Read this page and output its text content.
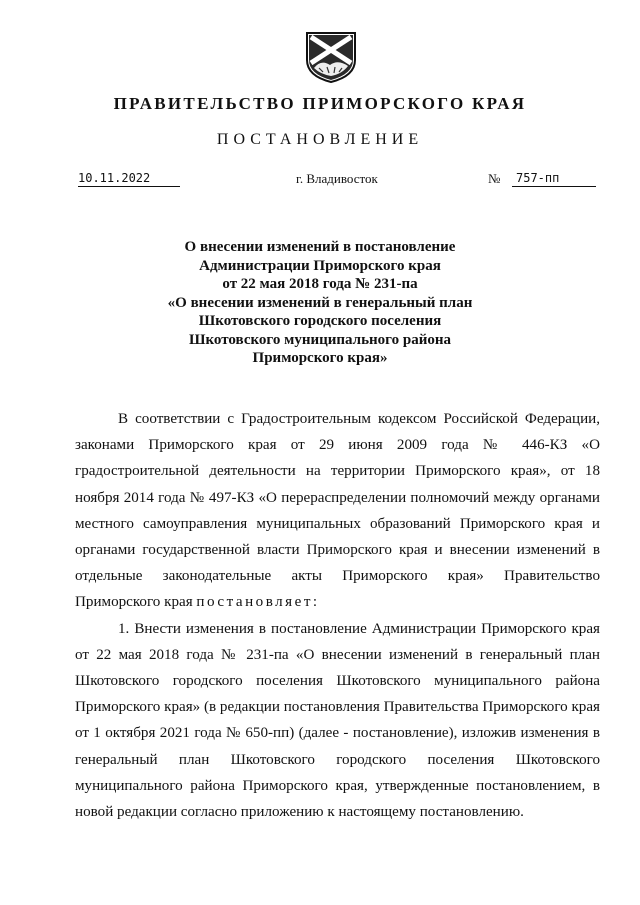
ПРАВИТЕЛЬСТВО ПРИМОРСКОГО КРАЯ
ПОСТАНОВЛЕНИЕ
10.11.2022	г. Владивосток	№	757-пп
О внесении изменений в постановление
Администрации Приморского края
от 22 мая 2018 года № 231-па
«О внесении изменений в генеральный план
Шкотовского городского поселения
Шкотовского муниципального района
Приморского края»

В соответствии с Градостроительным кодексом Российской Федерации, законами Приморского края от 29 июня 2009 года № 446-КЗ «О градостроительной деятельности на территории Приморского края», от 18 ноября 2014 года № 497-КЗ «О перераспределении полномочий между органами местного самоуправления муниципальных образований Приморского края и органами государственной власти Приморского края и внесении изменений в отдельные законодательные акты Приморского края» Правительство Приморского края постановляет:

1. Внести изменения в постановление Администрации Приморского края от 22 мая 2018 года № 231-па «О внесении изменений в генеральный план Шкотовского городского поселения Шкотовского муниципального района Приморского края» (в редакции постановления Правительства Приморского края от 1 октября 2021 года № 650-пп) (далее - постановление), изложив изменения в генеральный план Шкотовского городского поселения Шкотовского муниципального района Приморского края, утвержденные постановлением, в новой редакции согласно приложению к настоящему постановлению.
